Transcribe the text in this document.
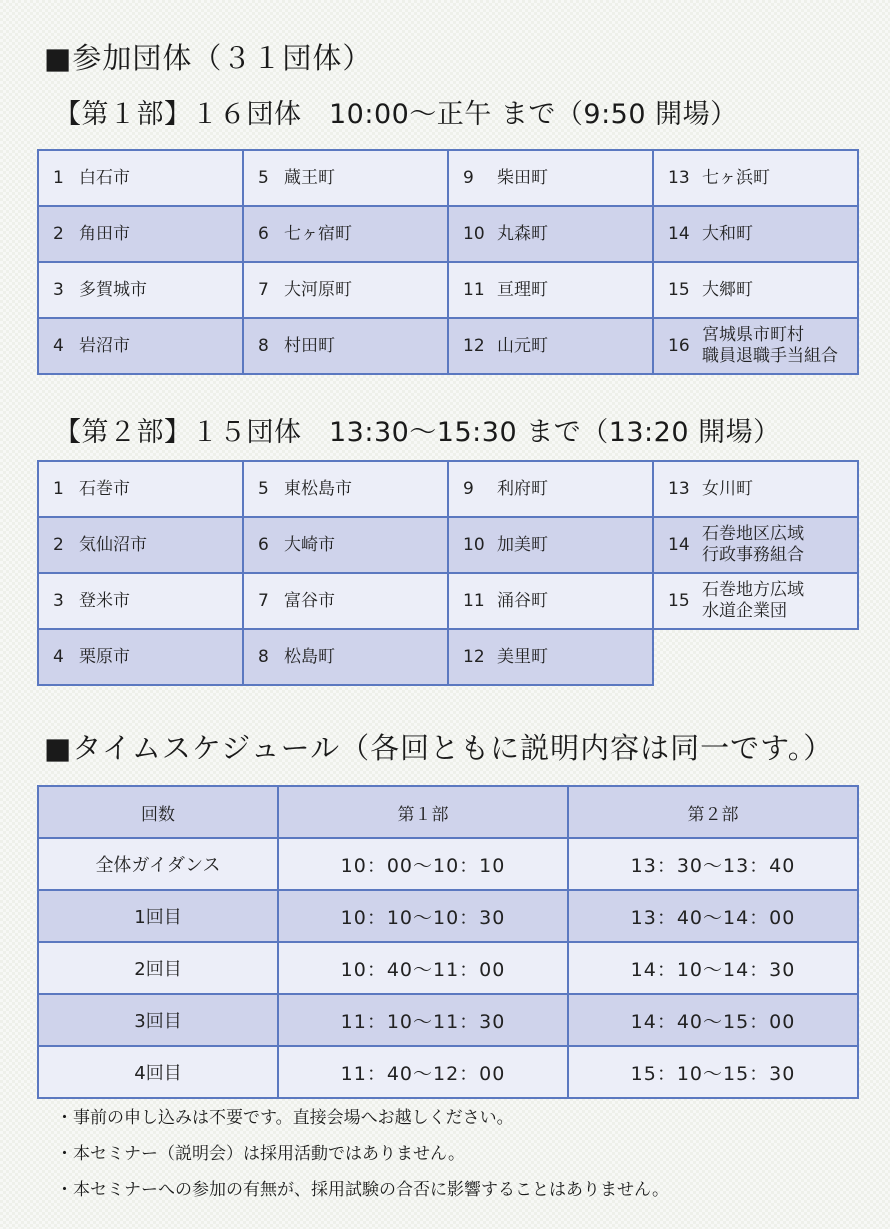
■参加団体（３１団体）
【第１部】１６団体　10:00～正午 まで（9:50 開場）
1 白石市	5 蔵王町	9 柴田町	13 七ヶ浜町

2 角田市	6 七ヶ宿町	10 丸森町	14 大和町

3 多賀城市	7 大河原町	11 亘理町	15 大郷町

4 岩沼市	8 村田町	12 山元町	16
宮城県市町村
職員退職手当組合
【第２部】１５団体　13:30～15:30 まで（13:20 開場）
1 石巻市	5 東松島市	9 利府町	13 女川町

2 気仙沼市	6 大崎市	10 加美町	14
石巻地区広域
行政事務組合

3 登米市	7 富谷市	11 涌谷町	15
石巻地方広域
水道企業団

4 栗原市	8 松島町	12 美里町	

■タイムスケジュール（各回ともに説明内容は同一です。）
回数	第１部	第２部
全体ガイダンス	10：00～10：10	13：30～13：40
1回目	10：10～10：30	13：40～14：00
2回目	10：40～11：00	14：10～14：30
3回目	11：10～11：30	14：40～15：00
4回目	11：40～12：00	15：10～15：30
・事前の申し込みは不要です。直接会場へお越しください。
・本セミナー（説明会）は採用活動ではありません。
・本セミナーへの参加の有無が、採用試験の合否に影響することはありません。
